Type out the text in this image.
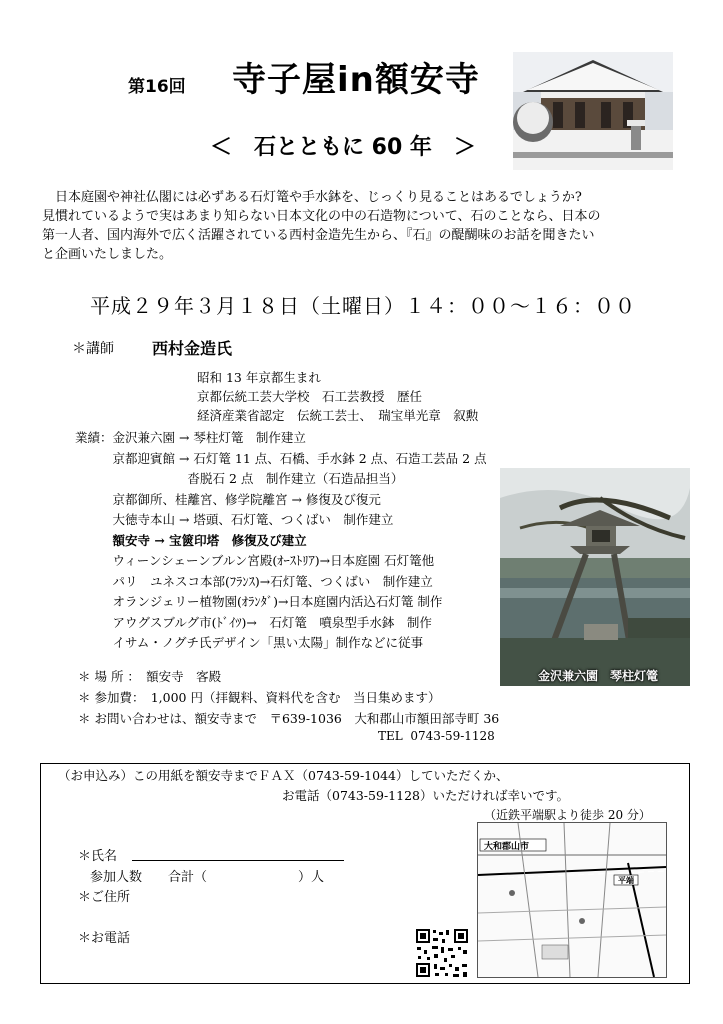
第16回 寺子屋in額安寺
＜　石とともに 60 年　＞

　日本庭園や神社仏閣には必ずある石灯篭や手水鉢を、じっくり見ることはあるでしょうか?

見慣れているようで実はあまり知らない日本文化の中の石造物について、石のことなら、日本の

第一人者、国内海外で広く活躍されている西村金造先生から、『石』の醍醐味のお話を聞きたい

と企画いたしました。

平成２９年３月１８日（土曜日）１４：００〜１６：００
＊講師 西村金造氏
昭和 13 年京都生まれ
京都伝統工芸大学校　石工芸教授　歴任
経済産業省認定　伝統工芸士、　瑞宝単光章　叙勲
金沢兼六園　琴柱灯篭
業績：金沢兼六園 → 琴柱灯篭　制作建立
　　　京都迎賓館 → 石灯篭 11 点、石橋、手水鉢 2 点、石造工芸品 2 点
　　　　　　　　　沓脱石 2 点　制作建立（石造品担当）
　　　京都御所、桂離宮、修学院離宮 → 修復及び復元
　　　大徳寺本山 → 塔頭、石灯篭、つくばい　制作建立
　　　額安寺 → 宝篋印塔　修復及び建立
　　　ウィーンシェーンブルン宮殿(ｵｰｽﾄﾘｱ)→日本庭園 石灯篭他
　　　パリ　ユネスコ本部(ﾌﾗﾝｽ)→石灯篭、つくばい　制作建立
　　　オランジェリー植物園(ｵﾗﾝﾀﾞ)→日本庭園内活込石灯篭 制作
　　　アウグスブルグ市(ﾄﾞｲﾂ)→　石灯篭　噴泉型手水鉢　制作
　　　イサム・ノグチ氏デザイン「黒い太陽」制作などに従事
＊ 場 所 ：　額安寺　客殿
＊ 参加費：　1,000 円（拝観料、資料代を含む　当日集めます）
＊ お問い合わせは、額安寺まで　〒639-1036　大和郡山市額田部寺町 36
TEL  0743-59-1128
（お申込み）この用紙を額安寺までＦＡＸ（0743-59-1044）していただくか、
お電話（0743-59-1128）いただければ幸いです。
（近鉄平端駅より徒歩 20 分）
＊氏名
参加人数　　合計（　　　　　　　）人
＊ご住所
＊お電話
大和郡山市
平端
